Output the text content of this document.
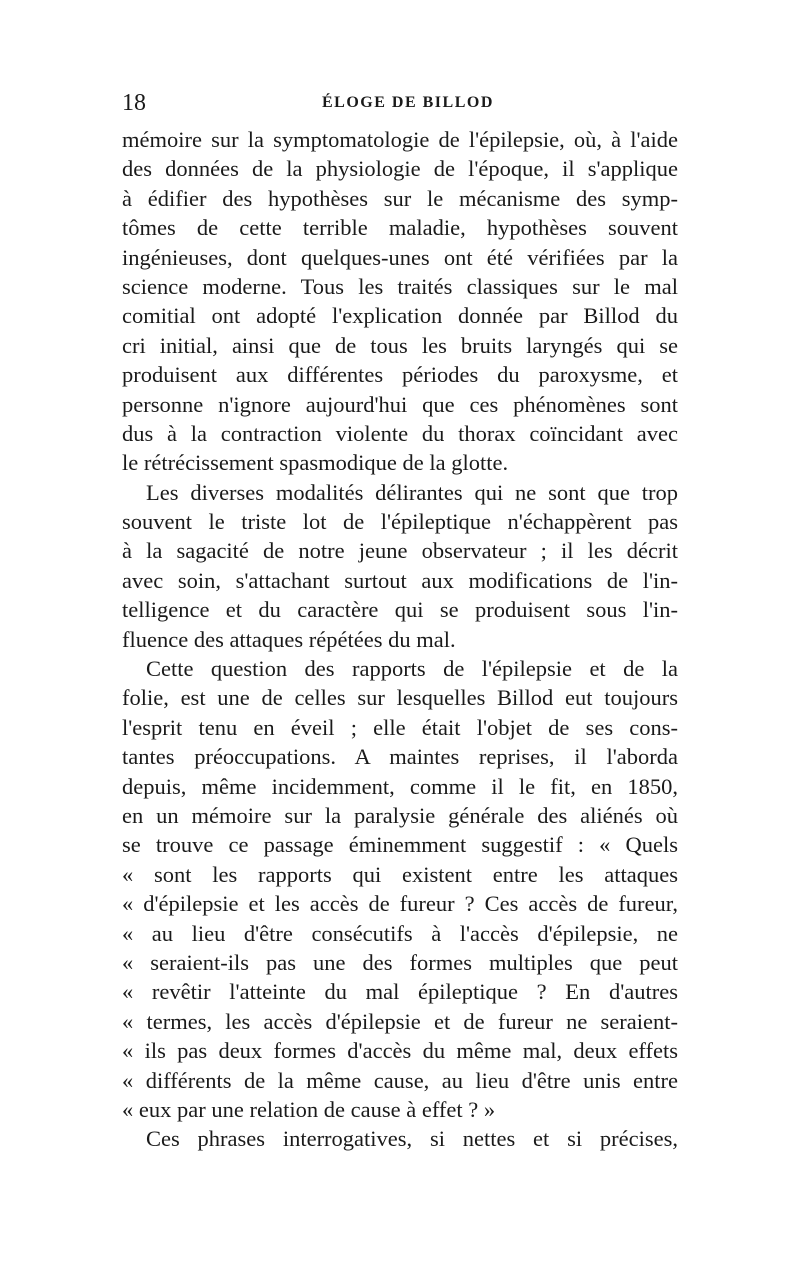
18	ÉLOGE DE BILLOD
mémoire sur la symptomatologie de l'épilepsie, où, à l'aide
des données de la physiologie de l'époque, il s'applique
à édifier des hypothèses sur le mécanisme des symp-
tômes de cette terrible maladie, hypothèses souvent
ingénieuses, dont quelques-unes ont été vérifiées par la
science moderne. Tous les traités classiques sur le mal
comitial ont adopté l'explication donnée par Billod du
cri initial, ainsi que de tous les bruits laryngés qui se
produisent aux différentes périodes du paroxysme, et
personne n'ignore aujourd'hui que ces phénomènes sont
dus à la contraction violente du thorax coïncidant avec
le rétrécissement spasmodique de la glotte.
Les diverses modalités délirantes qui ne sont que trop
souvent le triste lot de l'épileptique n'échappèrent pas
à la sagacité de notre jeune observateur ; il les décrit
avec soin, s'attachant surtout aux modifications de l'in-
telligence et du caractère qui se produisent sous l'in-
fluence des attaques répétées du mal.
Cette question des rapports de l'épilepsie et de la
folie, est une de celles sur lesquelles Billod eut toujours
l'esprit tenu en éveil ; elle était l'objet de ses cons-
tantes préoccupations. A maintes reprises, il l'aborda
depuis, même incidemment, comme il le fit, en 1850,
en un mémoire sur la paralysie générale des aliénés où
se trouve ce passage éminemment suggestif : « Quels
« sont les rapports qui existent entre les attaques
« d'épilepsie et les accès de fureur ? Ces accès de fureur,
« au lieu d'être consécutifs à l'accès d'épilepsie, ne
« seraient-ils pas une des formes multiples que peut
« revêtir l'atteinte du mal épileptique ? En d'autres
« termes, les accès d'épilepsie et de fureur ne seraient-
« ils pas deux formes d'accès du même mal, deux effets
« différents de la même cause, au lieu d'être unis entre
« eux par une relation de cause à effet ? »
Ces phrases interrogatives, si nettes et si précises,
